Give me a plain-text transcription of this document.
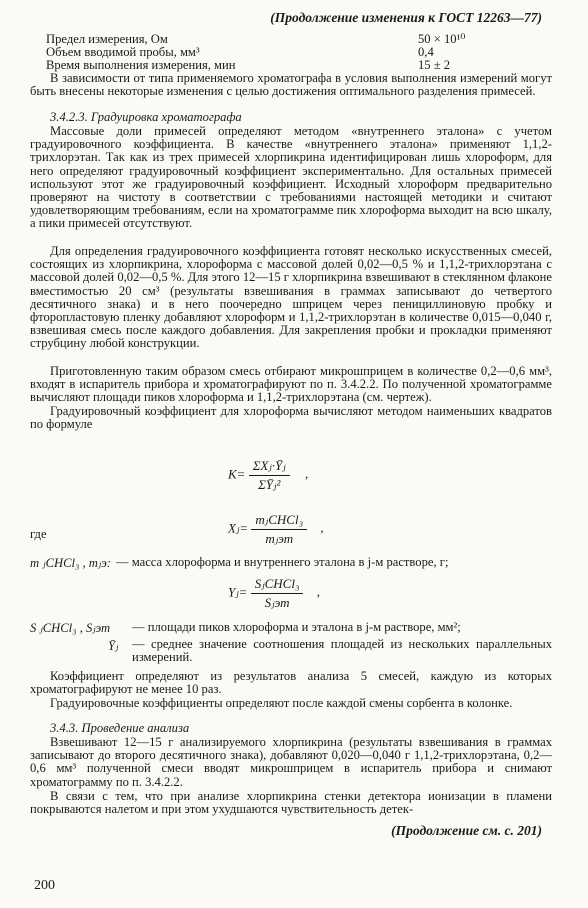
(Продолжение изменения к ГОСТ 12263—77)
Предел измерения, Ом	50 × 10¹⁰
Объем вводимой пробы, мм³	0,4
Время выполнения измерения, мин	15 ± 2

В зависимости от типа применяемого хроматографа в условия выполнения измерений могут быть внесены некоторые изменения с целью достижения оптимального разделения примесей.

3.4.2.3. Градуировка хроматографа

Массовые доли примесей определяют методом «внутреннего эталона» с учетом градуировочного коэффициента. В качестве «внутреннего эталона» применяют 1,1,2-трихлорэтан. Так как из трех примесей хлорпикрина идентифицирован лишь хлороформ, для него определяют градуировочный коэффициент экспериментально. Для остальных примесей используют этот же градуировочный коэффициент. Исходный хлороформ предварительно проверяют на чистоту в соответствии с требованиями настоящей методики и считают удовлетворяющим требованиям, если на хроматограмме пик хлороформа выходит на всю шкалу, а пики примесей отсутствуют.

Для определения градуировочного коэффициента готовят несколько искусственных смесей, состоящих из хлорпикрина, хлороформа с массовой долей 0,02—0,5 % и 1,1,2-трихлорэтана с массовой долей 0,02—0,5 %. Для этого 12—15 г хлорпикрина взвешивают в стеклянном флаконе вместимостью 20 см³ (результаты взвешивания в граммах записывают до четвертого десятичного знака) и в него поочередно шприцем через пенициллиновую пробку и фторопластовую пленку добавляют хлороформ и 1,1,2-трихлорэтан в количестве 0,015—0,040 г, взвешивая смесь после каждого добавления. Для закрепления пробки и прокладки применяют струбцину любой конструкции.

Приготовленную таким образом смесь отбирают микрошприцем в количестве 0,2—0,6 мм³, входят в испаритель прибора и хроматографируют по п. 3.4.2.2. По полученной хроматограмме вычисляют площади пиков хлороформа и 1,1,2-трихлорэтана (см. чертеж).

Градуировочный коэффициент для хлороформа вычисляют методом наименьших квадратов по формуле

$K= \frac{\text{ΣXⱼ·Ȳⱼ}}{\text{ΣȲⱼ²}}$ ,
где	Xⱼ= $\frac{\text{mⱼCHCl₃}}{\text{mⱼэт}}$ ,
m ⱼCHCl₃ , mⱼэ: — масса хлороформа и внутреннего эталона в j-м растворе, г;
Yⱼ= $\frac{\text{SⱼCHCl₃}}{\text{Sⱼэт}}$ ,
S ⱼCHCl₃ , Sⱼэт — площади пиков хлороформа и эталона в j-м растворе, мм²;
Ȳⱼ — среднее значение соотношения площадей из нескольких параллельных измерений.

Коэффициент определяют из результатов анализа 5 смесей, каждую из которых хроматографируют не менее 10 раз.

Градуировочные коэффициенты определяют после каждой смены сорбента в колонке.

3.4.3. Проведение анализа

Взвешивают 12—15 г анализируемого хлорпикрина (результаты взвешивания в граммах записывают до второго десятичного знака), добавляют 0,020—0,040 г 1,1,2-трихлорэтана, 0,2—0,6 мм³ полученной смеси вводят микрошприцем в испаритель прибора и снимают хроматограмму по п. 3.4.2.2.

В связи с тем, что при анализе хлорпикрина стенки детектора ионизации в пламени покрываются налетом и при этом ухудшаются чувствительность детек-

(Продолжение см. с. 201)
200
